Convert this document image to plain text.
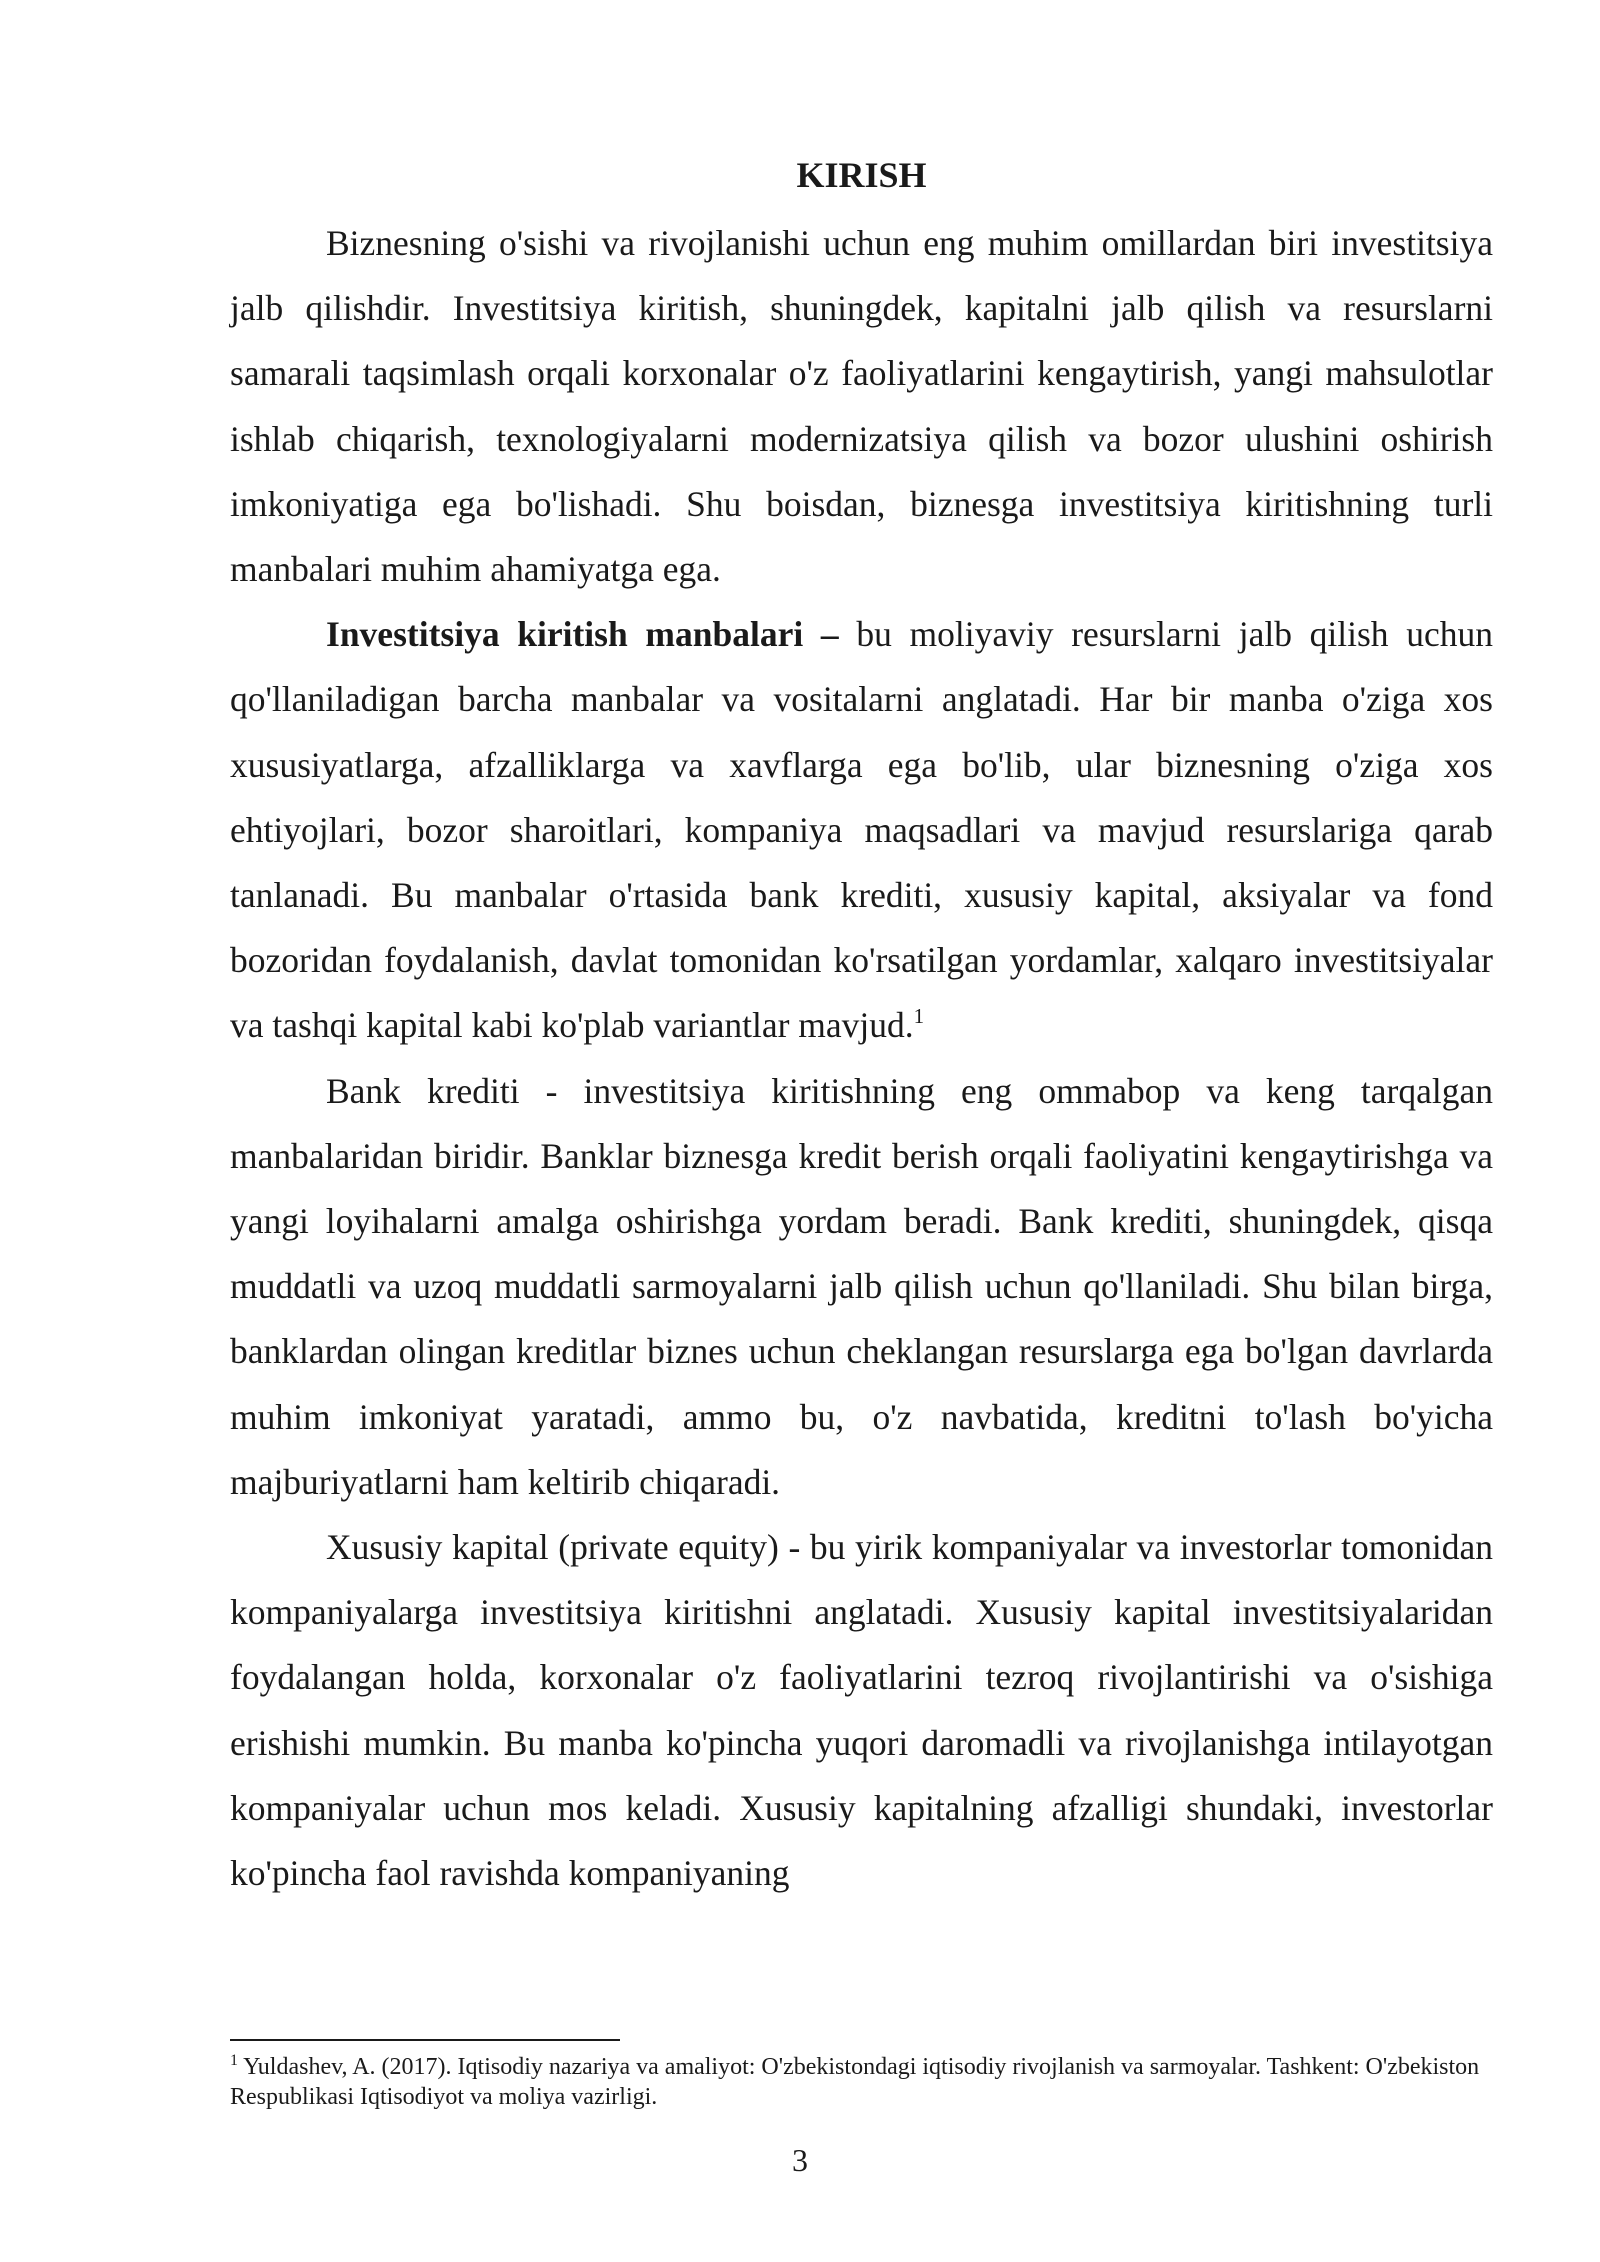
KIRISH

Biznesning o'sishi va rivojlanishi uchun eng muhim omillardan biri investitsiya jalb qilishdir. Investitsiya kiritish, shuningdek, kapitalni jalb qilish va resurslarni samarali taqsimlash orqali korxonalar o'z faoliyatlarini kengaytirish, yangi mahsulotlar ishlab chiqarish, texnologiyalarni modernizatsiya qilish va bozor ulushini oshirish imkoniyatiga ega bo'lishadi. Shu boisdan, biznesga investitsiya kiritishning turli manbalari muhim ahamiyatga ega.

Investitsiya kiritish manbalari – bu moliyaviy resurslarni jalb qilish uchun qo'llaniladigan barcha manbalar va vositalarni anglatadi. Har bir manba o'ziga xos xususiyatlarga, afzalliklarga va xavflarga ega bo'lib, ular biznesning o'ziga xos ehtiyojlari, bozor sharoitlari, kompaniya maqsadlari va mavjud resurslariga qarab tanlanadi. Bu manbalar o'rtasida bank krediti, xususiy kapital, aksiyalar va fond bozoridan foydalanish, davlat tomonidan ko'rsatilgan yordamlar, xalqaro investitsiyalar va tashqi kapital kabi ko'plab variantlar mavjud.$^1$

Bank krediti - investitsiya kiritishning eng ommabop va keng tarqalgan manbalaridan biridir. Banklar biznesga kredit berish orqali faoliyatini kengaytirishga va yangi loyihalarni amalga oshirishga yordam beradi. Bank krediti, shuningdek, qisqa muddatli va uzoq muddatli sarmoyalarni jalb qilish uchun qo'llaniladi. Shu bilan birga, banklardan olingan kreditlar biznes uchun cheklangan resurslarga ega bo'lgan davrlarda muhim imkoniyat yaratadi, ammo bu, o'z navbatida, kreditni to'lash bo'yicha majburiyatlarni ham keltirib chiqaradi.

Xususiy kapital (private equity) - bu yirik kompaniyalar va investorlar tomonidan kompaniyalarga investitsiya kiritishni anglatadi. Xususiy kapital investitsiyalaridan foydalangan holda, korxonalar o'z faoliyatlarini tezroq rivojlantirishi va o'sishiga erishishi mumkin. Bu manba ko'pincha yuqori daromadli va rivojlanishga intilayotgan kompaniyalar uchun mos keladi. Xususiy kapitalning afzalligi shundaki, investorlar ko'pincha faol ravishda kompaniyaning

$^1$ Yuldashev, A. (2017). Iqtisodiy nazariya va amaliyot: O'zbekistondagi iqtisodiy rivojlanish va sarmoyalar. Tashkent: O'zbekiston Respublikasi Iqtisodiyot va moliya vazirligi.

3
